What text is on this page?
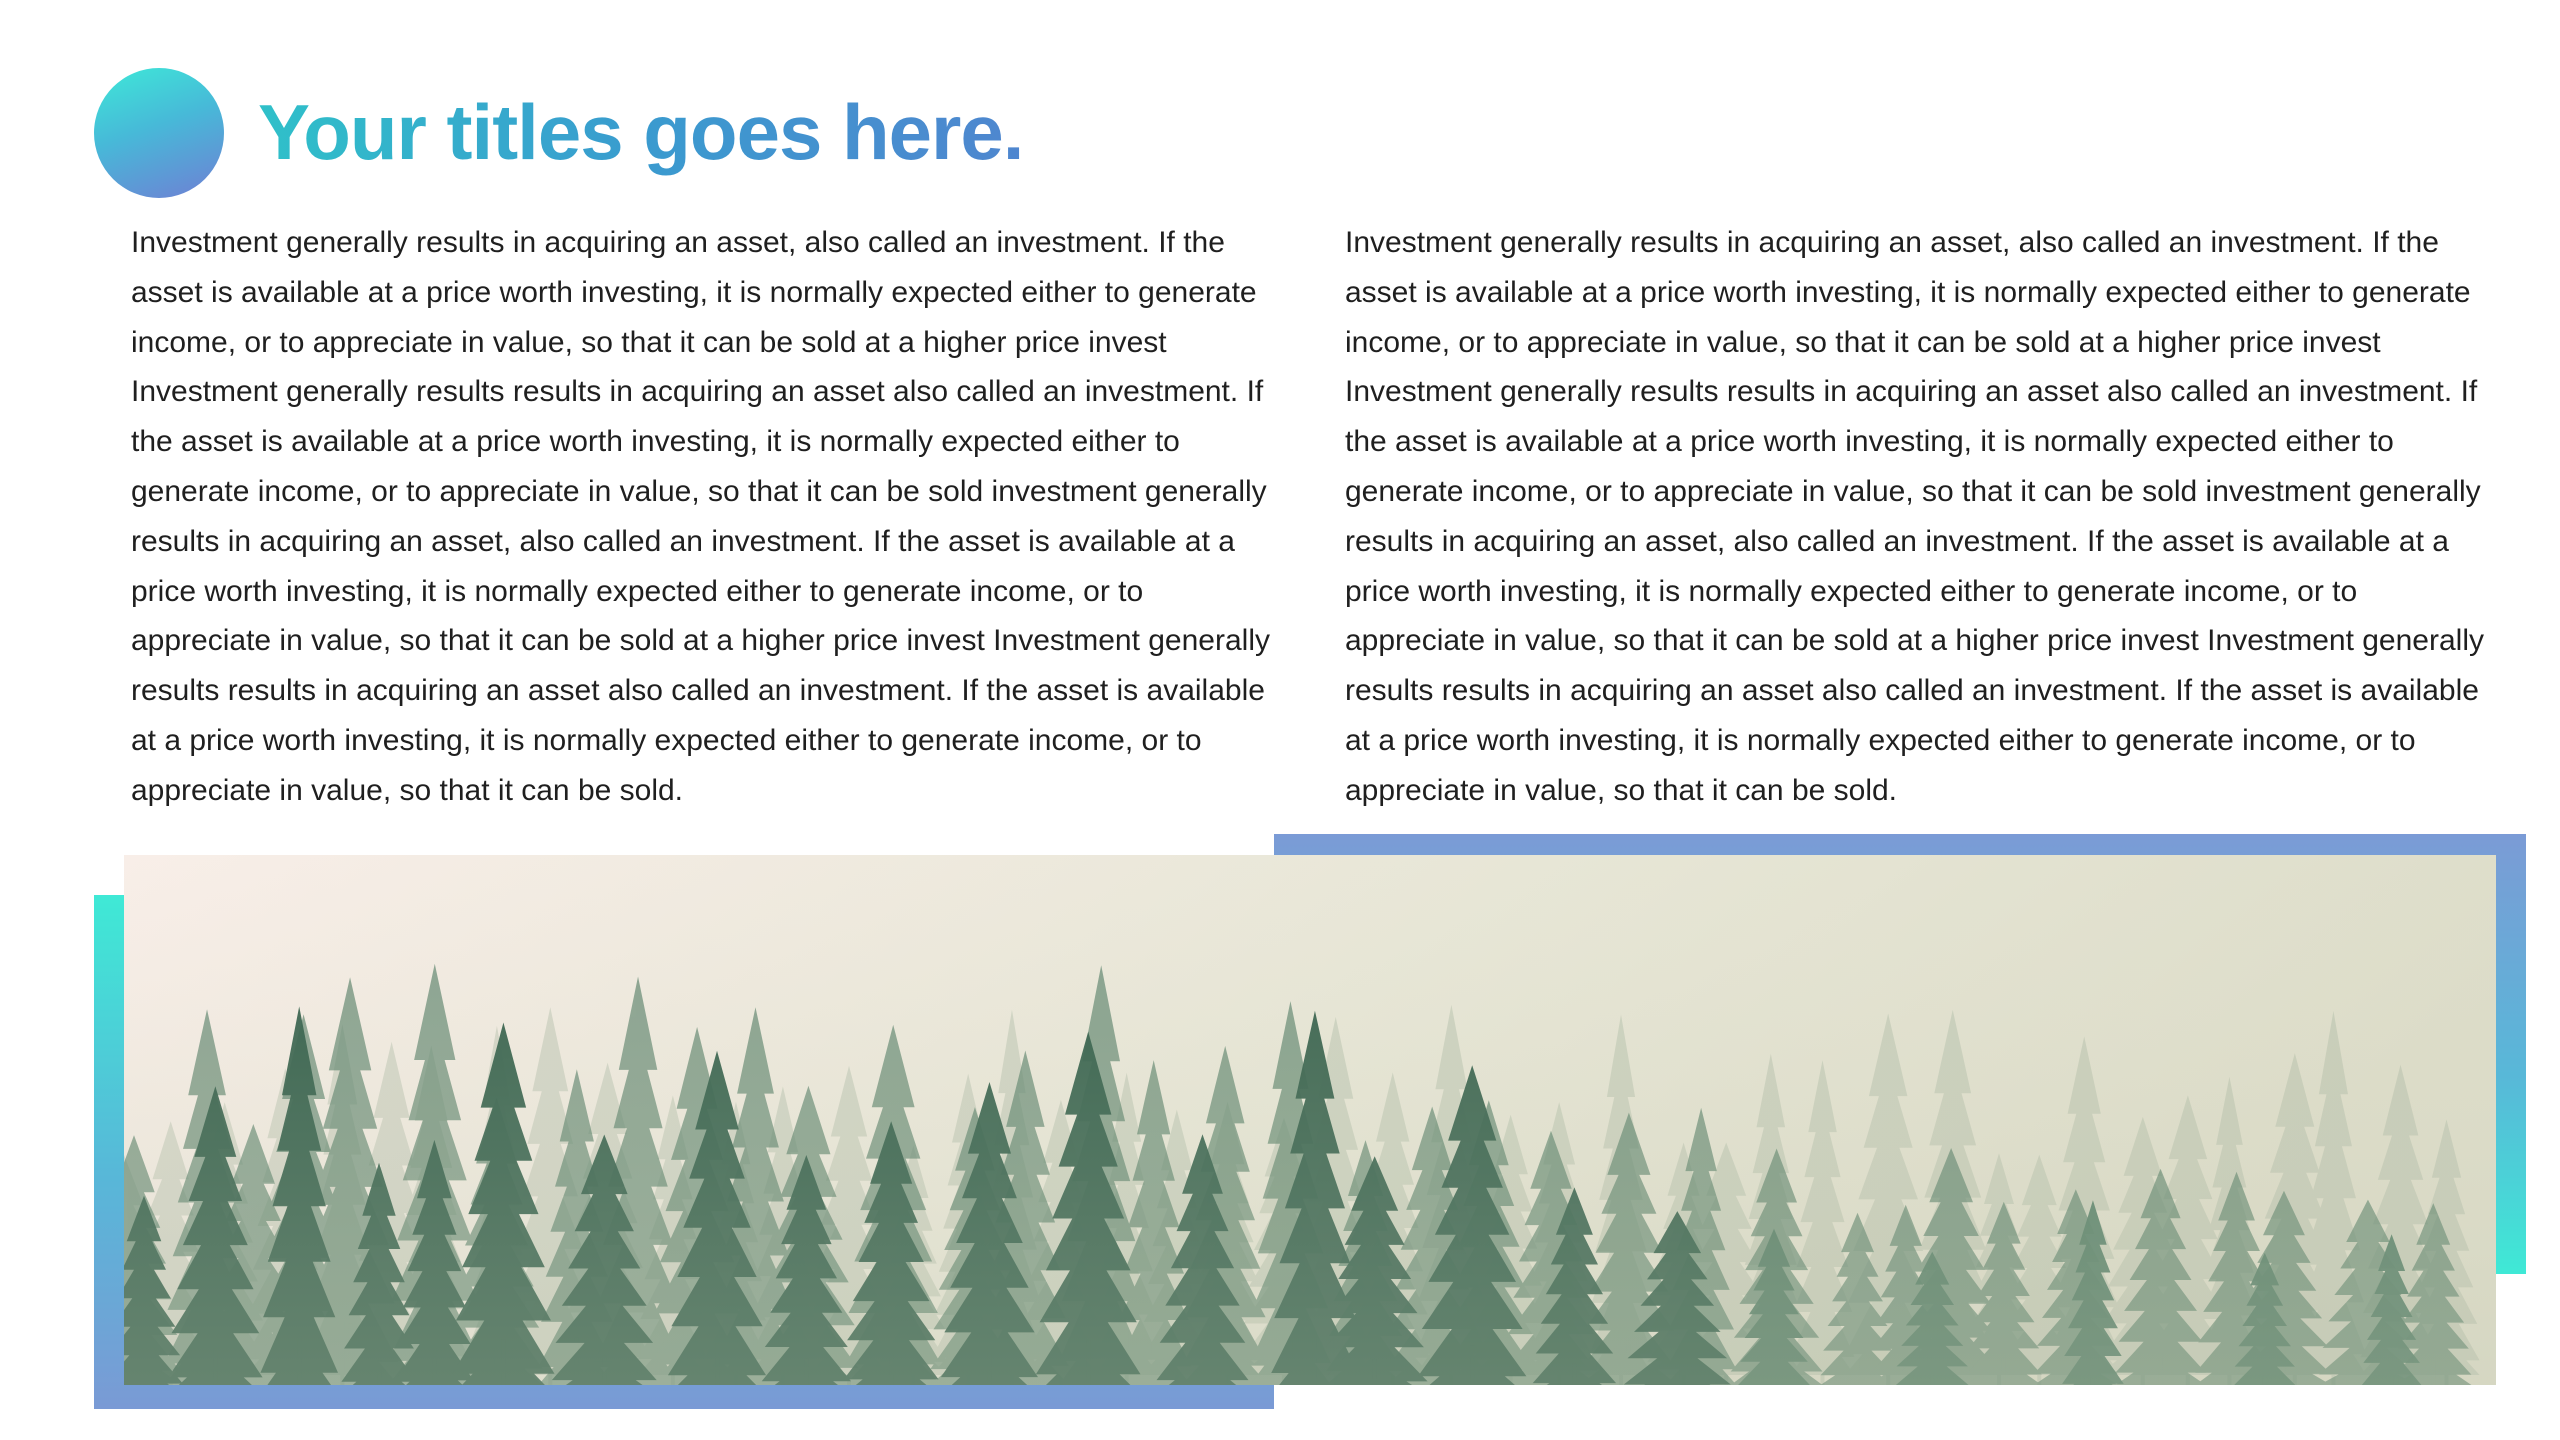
Your titles goes here.

Investment generally results in acquiring an asset, also called an investment. If the asset is available at a price worth investing, it is normally expected either to generate income, or to appreciate in value, so that it can be sold at a higher price invest Investment generally results results in acquiring an asset also called an investment. If the asset is available at a price worth investing, it is normally expected either to generate income, or to appreciate in value, so that it can be sold investment generally results in acquiring an asset, also called an investment. If the asset is available at a price worth investing, it is normally expected either to generate income, or to appreciate in value, so that it can be sold at a higher price invest Investment generally results results in acquiring an asset also called an investment. If the asset is available at a price worth investing, it is normally expected either to generate income, or to appreciate in value, so that it can be sold.

Investment generally results in acquiring an asset, also called an investment. If the asset is available at a price worth investing, it is normally expected either to generate income, or to appreciate in value, so that it can be sold at a higher price invest Investment generally results results in acquiring an asset also called an investment. If the asset is available at a price worth investing, it is normally expected either to generate income, or to appreciate in value, so that it can be sold investment generally results in acquiring an asset, also called an investment. If the asset is available at a price worth investing, it is normally expected either to generate income, or to appreciate in value, so that it can be sold at a higher price invest Investment generally results results in acquiring an asset also called an investment. If the asset is available at a price worth investing, it is normally expected either to generate income, or to appreciate in value, so that it can be sold.
